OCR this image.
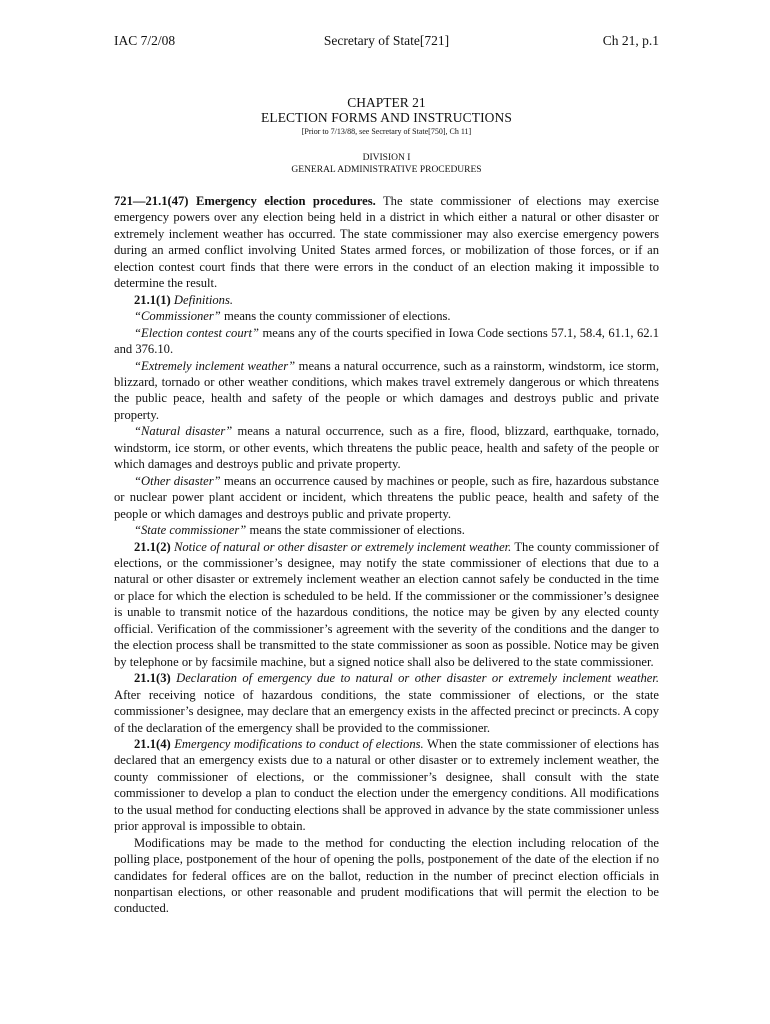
IAC 7/2/08	Secretary of State[721]	Ch 21, p.1
CHAPTER 21
ELECTION FORMS AND INSTRUCTIONS
[Prior to 7/13/88, see Secretary of State[750], Ch 11]
DIVISION I
GENERAL ADMINISTRATIVE PROCEDURES

721—21.1(47) Emergency election procedures. The state commissioner of elections may exercise emergency powers over any election being held in a district in which either a natural or other disaster or extremely inclement weather has occurred. The state commissioner may also exercise emergency powers during an armed conflict involving United States armed forces, or mobilization of those forces, or if an election contest court finds that there were errors in the conduct of an election making it impossible to determine the result.

21.1(1) Definitions.

“Commissioner” means the county commissioner of elections.

“Election contest court” means any of the courts specified in Iowa Code sections 57.1, 58.4, 61.1, 62.1 and 376.10.

“Extremely inclement weather” means a natural occurrence, such as a rainstorm, windstorm, ice storm, blizzard, tornado or other weather conditions, which makes travel extremely dangerous or which threatens the public peace, health and safety of the people or which damages and destroys public and private property.

“Natural disaster” means a natural occurrence, such as a fire, flood, blizzard, earthquake, tornado, windstorm, ice storm, or other events, which threatens the public peace, health and safety of the people or which damages and destroys public and private property.

“Other disaster” means an occurrence caused by machines or people, such as fire, hazardous substance or nuclear power plant accident or incident, which threatens the public peace, health and safety of the people or which damages and destroys public and private property.

“State commissioner” means the state commissioner of elections.

21.1(2) Notice of natural or other disaster or extremely inclement weather. The county commissioner of elections, or the commissioner’s designee, may notify the state commissioner of elections that due to a natural or other disaster or extremely inclement weather an election cannot safely be conducted in the time or place for which the election is scheduled to be held. If the commissioner or the commissioner’s designee is unable to transmit notice of the hazardous conditions, the notice may be given by any elected county official. Verification of the commissioner’s agreement with the severity of the conditions and the danger to the election process shall be transmitted to the state commissioner as soon as possible. Notice may be given by telephone or by facsimile machine, but a signed notice shall also be delivered to the state commissioner.

21.1(3) Declaration of emergency due to natural or other disaster or extremely inclement weather. After receiving notice of hazardous conditions, the state commissioner of elections, or the state commissioner’s designee, may declare that an emergency exists in the affected precinct or precincts. A copy of the declaration of the emergency shall be provided to the commissioner.

21.1(4) Emergency modifications to conduct of elections. When the state commissioner of elections has declared that an emergency exists due to a natural or other disaster or to extremely inclement weather, the county commissioner of elections, or the commissioner’s designee, shall consult with the state commissioner to develop a plan to conduct the election under the emergency conditions. All modifications to the usual method for conducting elections shall be approved in advance by the state commissioner unless prior approval is impossible to obtain.

Modifications may be made to the method for conducting the election including relocation of the polling place, postponement of the hour of opening the polls, postponement of the date of the election if no candidates for federal offices are on the ballot, reduction in the number of precinct election officials in nonpartisan elections, or other reasonable and prudent modifications that will permit the election to be conducted.
